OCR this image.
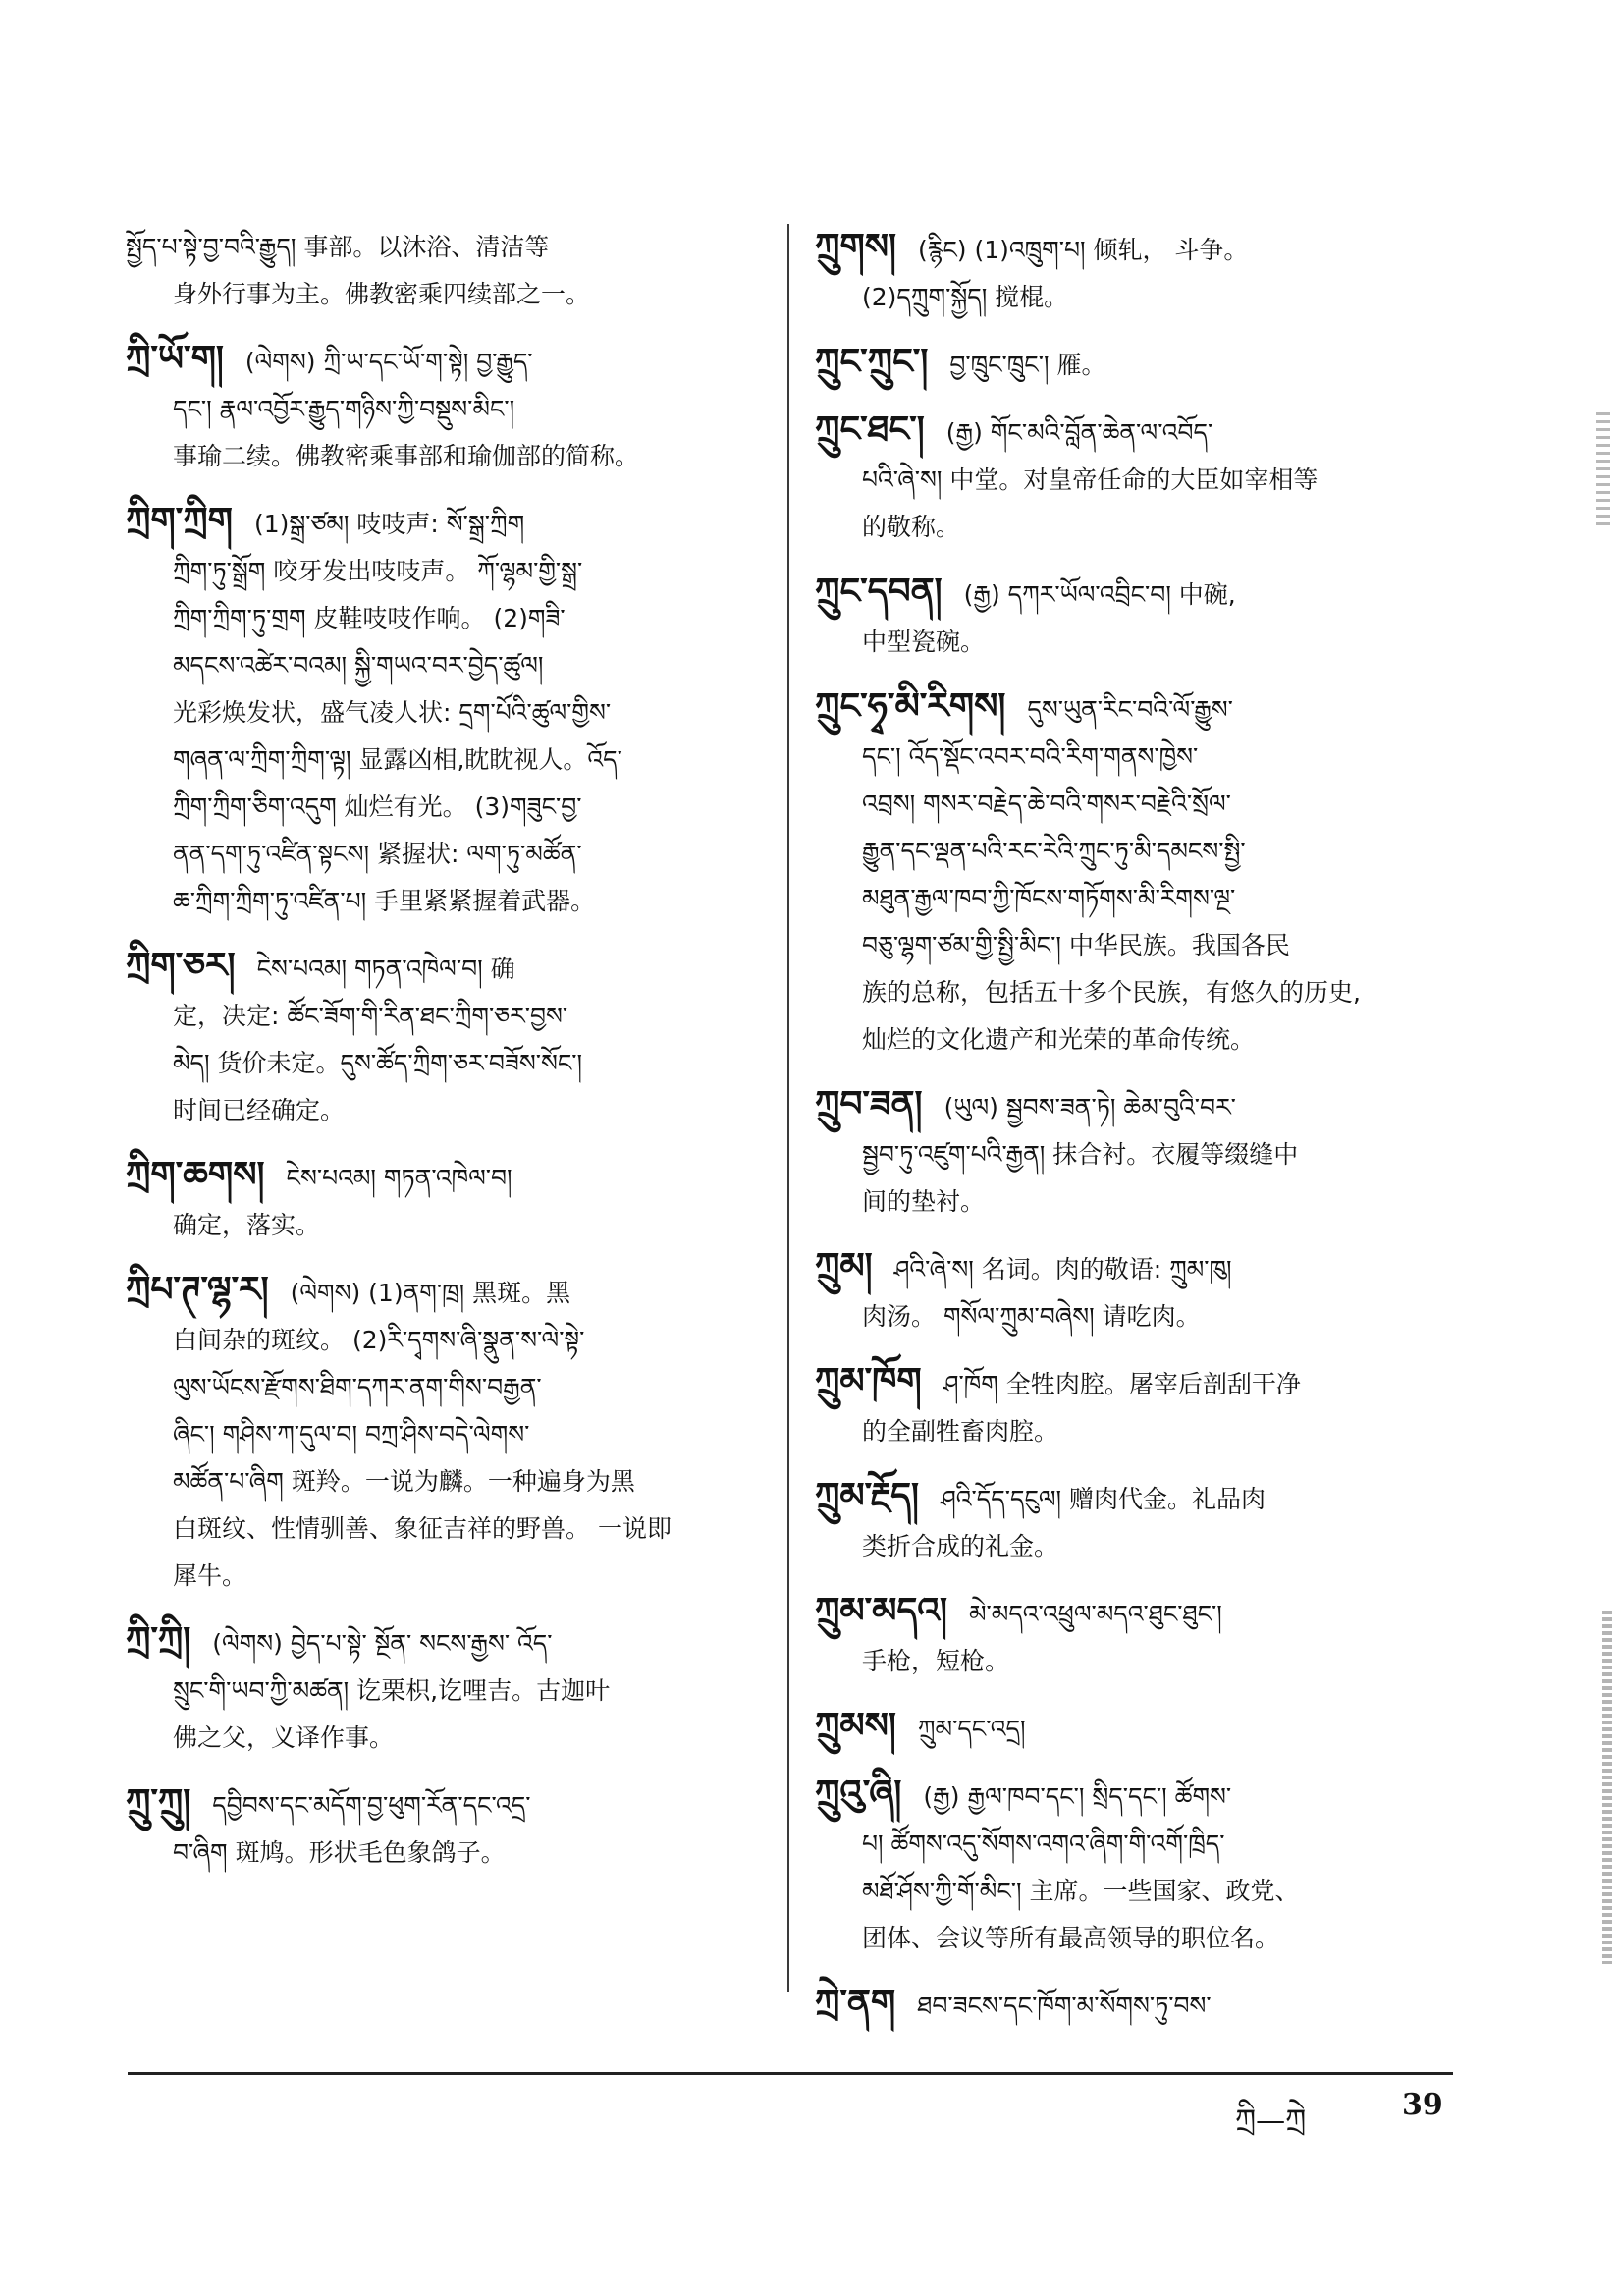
སྤྱོད་པ་སྟེ་བྱ་བའི་རྒྱུད། 事部。以沐浴、清洁等
身外行事为主。佛教密乘四续部之一。
ཀྲི་ཡོ་ག། (ལེགས) ཀྲི་ཡ་དང་ཡོ་ག་སྟེ། བྱ་རྒྱུད་
དང་། རྣལ་འབྱོར་རྒྱུད་གཉིས་ཀྱི་བསྡུས་མིང་།
事瑜二续。佛教密乘事部和瑜伽部的简称。
ཀྲིག་ཀྲིག (1)སྒྲ་ཙམ། 吱吱声: སོ་སྒྲ་ཀྲིག
ཀྲིག་ཏུ་སྒྲོག 咬牙发出吱吱声。 ཀོ་ལྷམ་གྱི་སྒྲ་
ཀྲིག་ཀྲིག་ཏུ་གྲག 皮鞋吱吱作响。 (2)གཟི་
མདངས་འཚེར་བའམ། སྐྱི་གཡའ་བར་བྱེད་ཚུལ།
光彩焕发状，盛气凌人状: དྲག་པོའི་ཚུལ་གྱིས་
གཞན་ལ་ཀྲིག་ཀྲིག་ལྟ། 显露凶相,眈眈视人。འོད་
ཀྲིག་ཀྲིག་ཅིག་འདུག 灿烂有光。 (3)གཟུང་བྱ་
ནན་དག་ཏུ་འཛིན་སྟངས། 紧握状: ལག་ཏུ་མཚོན་
ཆ་ཀྲིག་ཀྲིག་ཏུ་འཛིན་པ། 手里紧紧握着武器。
ཀྲིག་ཅར། ངེས་པའམ། གཏན་འཁེལ་བ། 确
定，决定: ཚོང་ཟོག་གི་རིན་ཐང་ཀྲིག་ཅར་བྱས་
མེད། 货价未定。དུས་ཚོད་ཀྲིག་ཅར་བཟོས་སོང་།
时间已经确定。
ཀྲིག་ཆགས། ངེས་པའམ། གཏན་འཁེལ་བ།
确定，落实。
ཀྲིཔ་ཊ་ལྷ་ར། (ལེགས) (1)ནག་ཁྲ། 黑斑。黑
白间杂的斑纹。 (2)རི་དྭགས་ཞི་སྣུན་ས་ལེ་སྟེ་
ལུས་ཡོངས་རྫོགས་ཐིག་དཀར་ནག་གིས་བརྒྱན་
ཞིང་། གཤིས་ཀ་དུལ་བ། བཀྲ་ཤིས་བདེ་ལེགས་
མཚོན་པ་ཞིག 斑羚。一说为麟。一种遍身为黑
白斑纹、性情驯善、象征吉祥的野兽。 一说即
犀牛。
ཀྲི་ཀྲི། (ལེགས) བྱེད་པ་སྟེ་ སྔོན་ སངས་རྒྱས་ འོད་
སྲུང་གི་ཡབ་ཀྱི་མཚན། 讫栗枳,讫哩吉。古迦叶
佛之父，义译作事。
ཀྲུ་ཀྲུ། དབྱིབས་དང་མདོག་བྱ་ཕུག་རོན་དང་འདྲ་
བ་ཞིག 斑鸠。形状毛色象鸽子。
ཀྲུགས། (རྙིང) (1)འཁྲུག་པ། 倾轧， 斗争。
(2)དཀྲུག་སྐྱོད། 搅棍。
ཀྲུང་ཀྲུང་། བྱ་ཁྲུང་ཁྲུང་། 雁。
ཀྲུང་ཐང་། (རྒྱ) གོང་མའི་བློན་ཆེན་ལ་འབོད་
པའི་ཞེ་ས། 中堂。对皇帝任命的大臣如宰相等
的敬称。
ཀྲུང་དབན། (རྒྱ) དཀར་ཡོལ་འབྲིང་བ། 中碗,
中型瓷碗。
ཀྲུང་ཧྭ་མི་རིགས། དུས་ཡུན་རིང་བའི་ལོ་རྒྱུས་
དང་། འོད་སྡོང་འབར་བའི་རིག་གནས་ཁྱེས་
འབྲས། གསར་བརྗེད་ཆེ་བའི་གསར་བརྗེའི་སྲོལ་
རྒྱུན་དང་ལྡན་པའི་རང་རེའི་ཀྲུང་ཏུ་མི་དམངས་སྤྱི་
མཐུན་རྒྱལ་ཁབ་ཀྱི་ཁོངས་གཏོགས་མི་རིགས་ལྔ་
བཅུ་ལྷག་ཙམ་གྱི་སྤྱི་མིང་། 中华民族。我国各民
族的总称，包括五十多个民族，有悠久的历史,
灿烂的文化遗产和光荣的革命传统。
ཀྲུབ་ཟན། (ཡུལ) སྦྱབས་ཟན་ཏེ། ཆེམ་བུའི་བར་
སྦྱབ་ཏུ་འཛུག་པའི་རྒྱན། 抹合衬。衣履等缀缝中
间的垫衬。
ཀྲུམ། ཤའི་ཞེ་ས། 名词。肉的敬语: ཀྲུམ་ཁུ།
肉汤。 གསོལ་ཀྲུམ་བཞེས། 请吃肉。
ཀྲུམ་ཁོག ཤ་ཁོག 全牲肉腔。屠宰后剖刮干净
的全副牲畜肉腔。
ཀྲུམ་རྔོད། ཤའི་དོད་དངུལ། 赠肉代金。礼品肉
类折合成的礼金。
ཀྲུམ་མདའ། མེ་མདའ་འཕྲུལ་མདའ་ཐུང་ཐུང་།
手枪，短枪。
ཀྲུམས། ཀྲུམ་དང་འདྲ།
ཀྲུའུ་ཞི། (རྒྱ) རྒྱལ་ཁབ་དང་། སྲིད་དང་། ཚོགས་
པ། ཚོགས་འདུ་སོགས་འགའ་ཞིག་གི་འགོ་ཁྲིད་
མཐོ་ཤོས་ཀྱི་གོ་མིང་། 主席。一些国家、政党、
团体、会议等所有最高领导的职位名。
ཀྲེ་ནག ཐབ་ཟངས་དང་ཁོག་མ་སོགས་ཏུ་བས་
ཀྲི—ཀྲེ	39
